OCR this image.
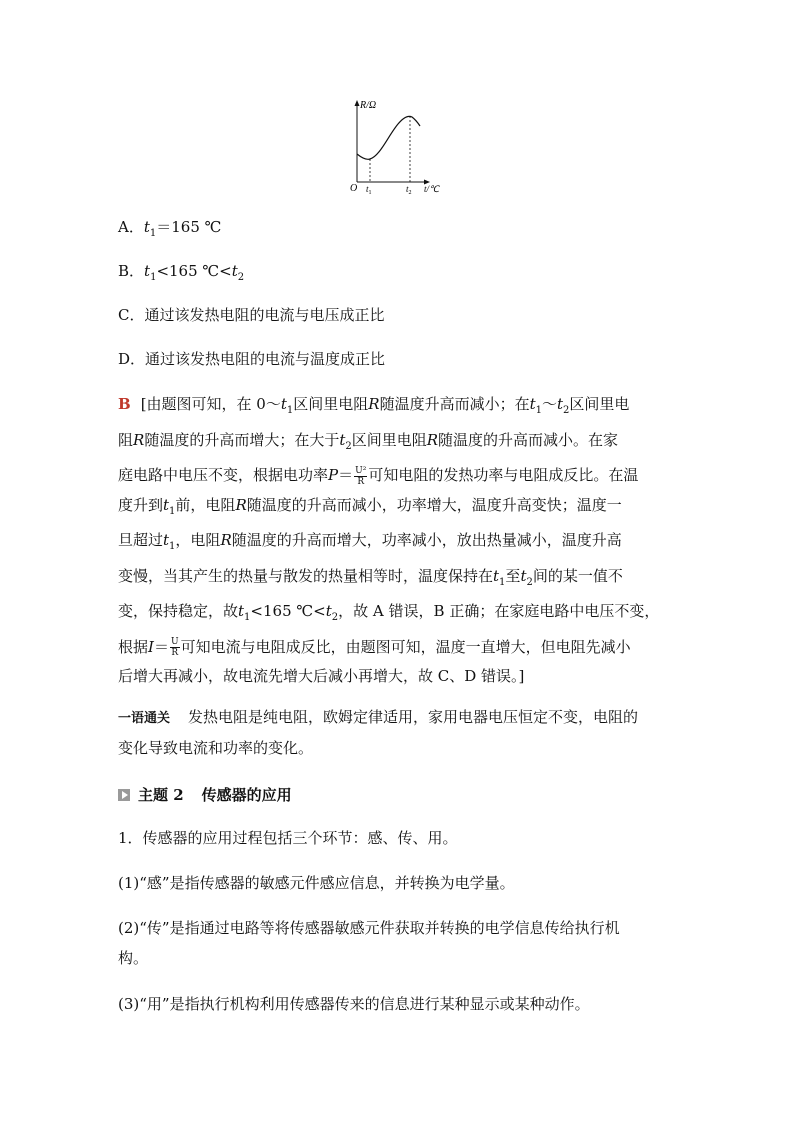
R/Ω
O $t_1$	$t_2$ t/℃
A．$t_1=165$ ℃
B．$t_1<165$ $℃<t_2$
C．通过该发热电阻的电流与电压成正比
D．通过该发热电阻的电流与温度成正比
B [由题图可知，在 $0\sim t_1$区间里电阻R随温度升高而减小；在$t_1\sim t_2$区间里电
阻R随温度的升高而增大；在大于$t_2$区间里电阻R随温度的升高而减小。在家
庭电路中电压不变，根据电功率$P= \frac{\text{U²}}{R}$ 可知电阻的发热功率与电阻成反比。在温
度升到$t_1$前，电阻R随温度的升高而减小，功率增大，温度升高变快；温度一
旦超过$t_1$，电阻R随温度的升高而增大，功率减小，放出热量减小，温度升高
变慢，当其产生的热量与散发的热量相等时，温度保持在$t_1$至$t_2$间的某一值不
变，保持稳定，故$t_1<165$ $℃<t_2$，故 A 错误，B 正确；在家庭电路中电压不变，
根据$I= \frac{U}{R}$ 可知电流与电阻成反比，由题图可知，温度一直增大，但电阻先减小
后增大再减小，故电流先增大后减小再增大，故 C、D 错误。]
一语通关 发热电阻是纯电阻，欧姆定律适用，家用电器电压恒定不变，电阻的
变化导致电流和功率的变化。
主题 2 传感器的应用
1．传感器的应用过程包括三个环节：感、传、用。
(1)“感”是指传感器的敏感元件感应信息，并转换为电学量。
(2)“传”是指通过电路等将传感器敏感元件获取并转换的电学信息传给执行机
构。
(3)“用”是指执行机构利用传感器传来的信息进行某种显示或某种动作。
